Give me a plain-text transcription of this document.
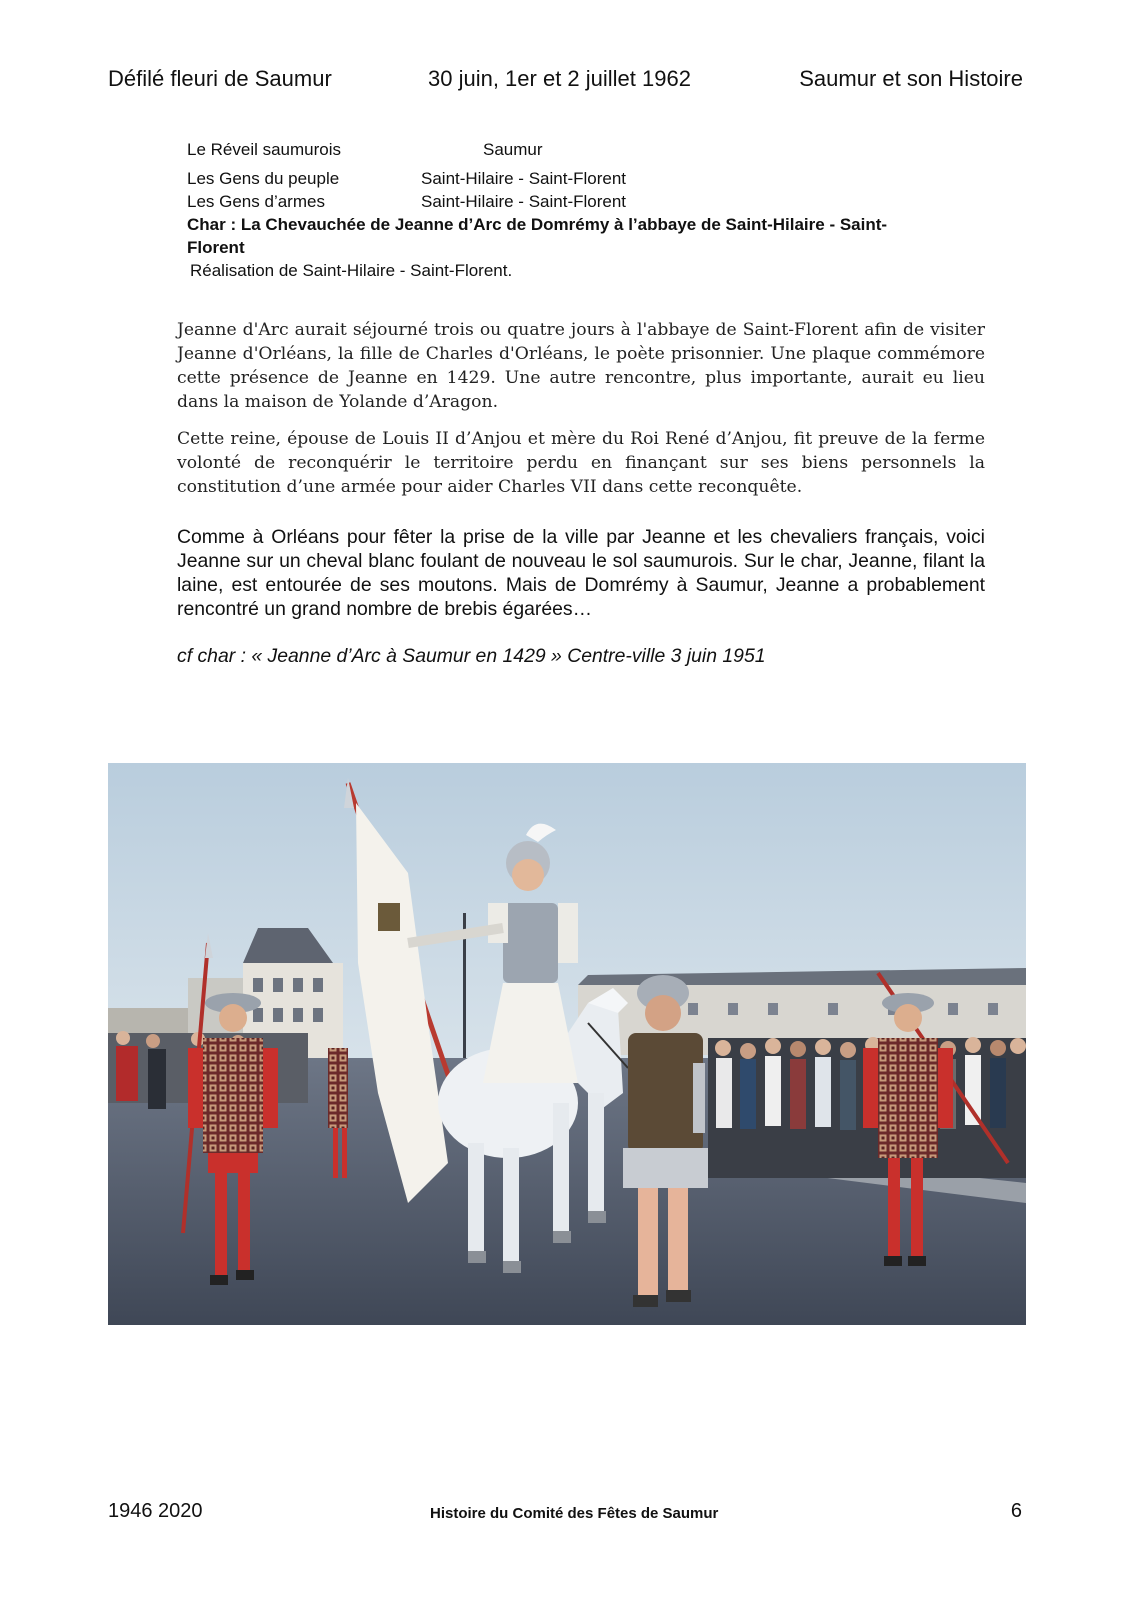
Défilé fleuri de Saumur	30 juin, 1er et 2 juillet 1962	Saumur et son Histoire
Le Réveil saumurois	Saumur
Les Gens du peuple	Saint-Hilaire - Saint-Florent
Les Gens d’armes	Saint-Hilaire - Saint-Florent
Char : La Chevauchée de Jeanne d’Arc de Domrémy à l’abbaye de Saint-Hilaire - Saint-Florent
Réalisation de Saint-Hilaire - Saint-Florent.

Jeanne d'Arc aurait séjourné trois ou quatre jours à l'abbaye de Saint-Florent afin de visiter Jeanne d'Orléans, la fille de Charles d'Orléans, le poète prisonnier. Une plaque commémore cette présence de Jeanne en 1429. Une autre rencontre, plus importante, aurait eu lieu dans la maison de Yolande d’Aragon.

Cette reine, épouse de Louis II d’Anjou et mère du Roi René d’Anjou, fit preuve de la ferme volonté de reconquérir le territoire perdu en finançant sur ses biens personnels la constitution d’une armée pour aider Charles VII dans cette reconquête.

Comme à Orléans pour fêter la prise de la ville par Jeanne et les chevaliers français, voici Jeanne sur un cheval blanc foulant de nouveau le sol saumurois. Sur le char, Jeanne, filant la laine, est entourée de ses moutons. Mais de Domrémy à Saumur, Jeanne a probablement rencontré un grand nombre de brebis égarées…

cf char : « Jeanne d’Arc à Saumur en 1429 » Centre-ville 3 juin 1951
1946 2020	Histoire du Comité des Fêtes de Saumur	6
